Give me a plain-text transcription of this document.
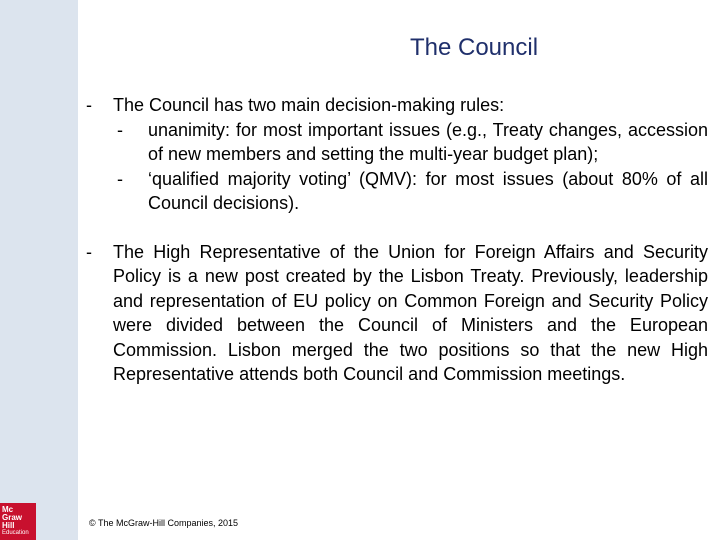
Mc
Graw
Hill
Education
The Council
- The Council has two main decision-making rules:
- unanimity: for most important issues (e.g., Treaty changes, accession of new members and setting the multi-year budget plan);
- ‘qualified majority voting’ (QMV): for most issues (about 80% of all Council decisions).
- The High Representative of the Union for Foreign Affairs and Security Policy is a new post created by the Lisbon Treaty. Previously, leadership and representation of EU policy on Common Foreign and Security Policy were divided between the Council of Ministers and the European Commission. Lisbon merged the two positions so that the new High Representative attends both Council and Commission meetings.
© The McGraw-Hill Companies, 2015
